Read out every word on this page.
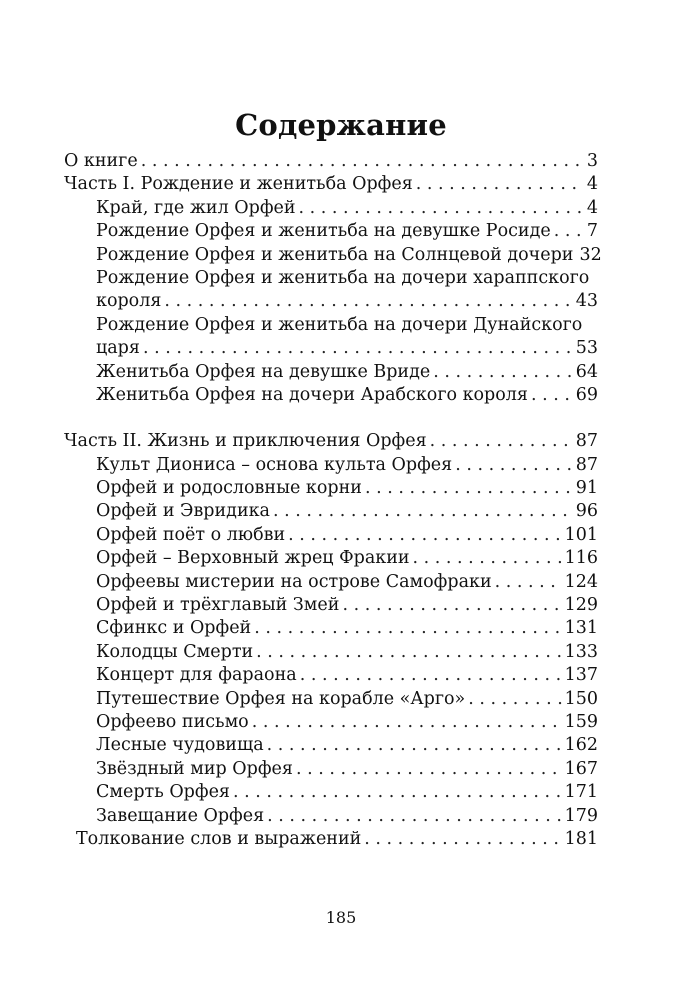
Содержание
О книге . . .	3
Часть I. Рождение и женитьба Орфея . . .	4
Край, где жил Орфей . . .	4
Рождение Орфея и женитьба на девушке Росиде . . . 7
Рождение Орфея и женитьба на Солнцевой дочери 32
Рождение Орфея и женитьба на дочери хараппского
короля . . .	43
Рождение Орфея и женитьба на дочери Дунайского
царя . . .	53
Женитьба Орфея на девушке Вриде . . .	64
Женитьба Орфея на дочери Арабского короля . . .	69
Часть II. Жизнь и приключения Орфея . . .	87
Культ Диониса – основа культа Орфея . . .	87
Орфей и родословные корни . . .	91
Орфей и Эвридика . . .	96
Орфей поёт о любви . . .	101
Орфей – Верховный жрец Фракии . . .	116
Орфеевы мистерии на острове Самофраки . . .	124
Орфей и трёхглавый Змей . . .	129
Сфинкс и Орфей . . .	131
Колодцы Смерти . . .	133
Концерт для фараона . . .	137
Путешествие Орфея на корабле «Арго» . . .	150
Орфеево письмо . . .	159
Лесные чудовища . . .	162
Звёздный мир Орфея . . .	167
Смерть Орфея . . .	171
Завещание Орфея . . .	179
Толкование слов и выражений . . .	181
185
